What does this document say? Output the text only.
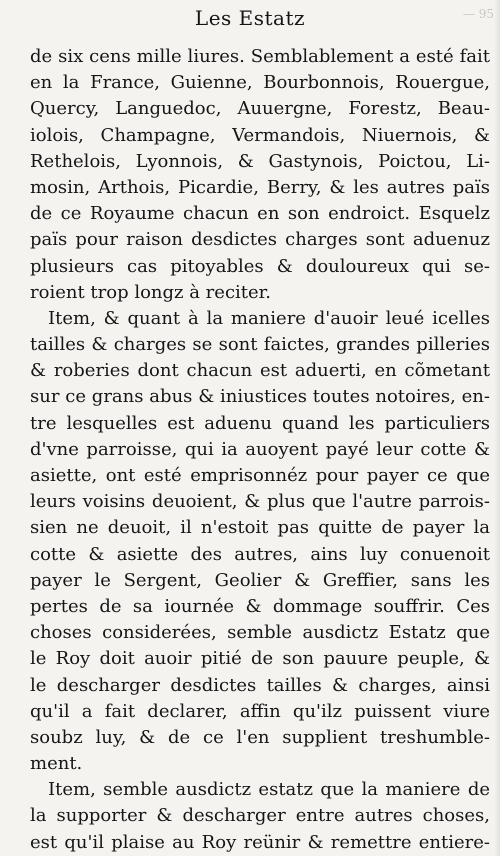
Les Estatz	— 95
de six cens mille liures. Semblablement a esté fait
en la France, Guienne, Bourbonnois, Rouergue,
Quercy, Languedoc, Auuergne, Forestz, Beau-
iolois, Champagne, Vermandois, Niuernois, &
Rethelois, Lyonnois, & Gastynois, Poictou, Li-
mosin, Arthois, Picardie, Berry, & les autres païs
de ce Royaume chacun en son endroict. Esquelz
païs pour raison desdictes charges sont aduenuz
plusieurs cas pitoyables & douloureux qui se-
roient trop longz à reciter.
Item, & quant à la maniere d'auoir leué icelles
tailles & charges se sont faictes, grandes pilleries
& roberies dont chacun est aduerti, en cõmetant
sur ce grans abus & iniustices toutes notoires, en-
tre lesquelles est aduenu quand les particuliers
d'vne parroisse, qui ia auoyent payé leur cotte &
asiette, ont esté emprisonnéz pour payer ce que
leurs voisins deuoient, & plus que l'autre parrois-
sien ne deuoit, il n'estoit pas quitte de payer la
cotte & asiette des autres, ains luy conuenoit
payer le Sergent, Geolier & Greffier, sans les
pertes de sa iournée & dommage souffrir. Ces
choses considerées, semble ausdictz Estatz que
le Roy doit auoir pitié de son pauure peuple, &
le descharger desdictes tailles & charges, ainsi
qu'il a fait declarer, affin qu'ilz puissent viure
soubz luy, & de ce l'en supplient treshumble-
ment.
Item, semble ausdictz estatz que la maniere de
la supporter & descharger entre autres choses,
est qu'il plaise au Roy reünir & remettre entiere-
